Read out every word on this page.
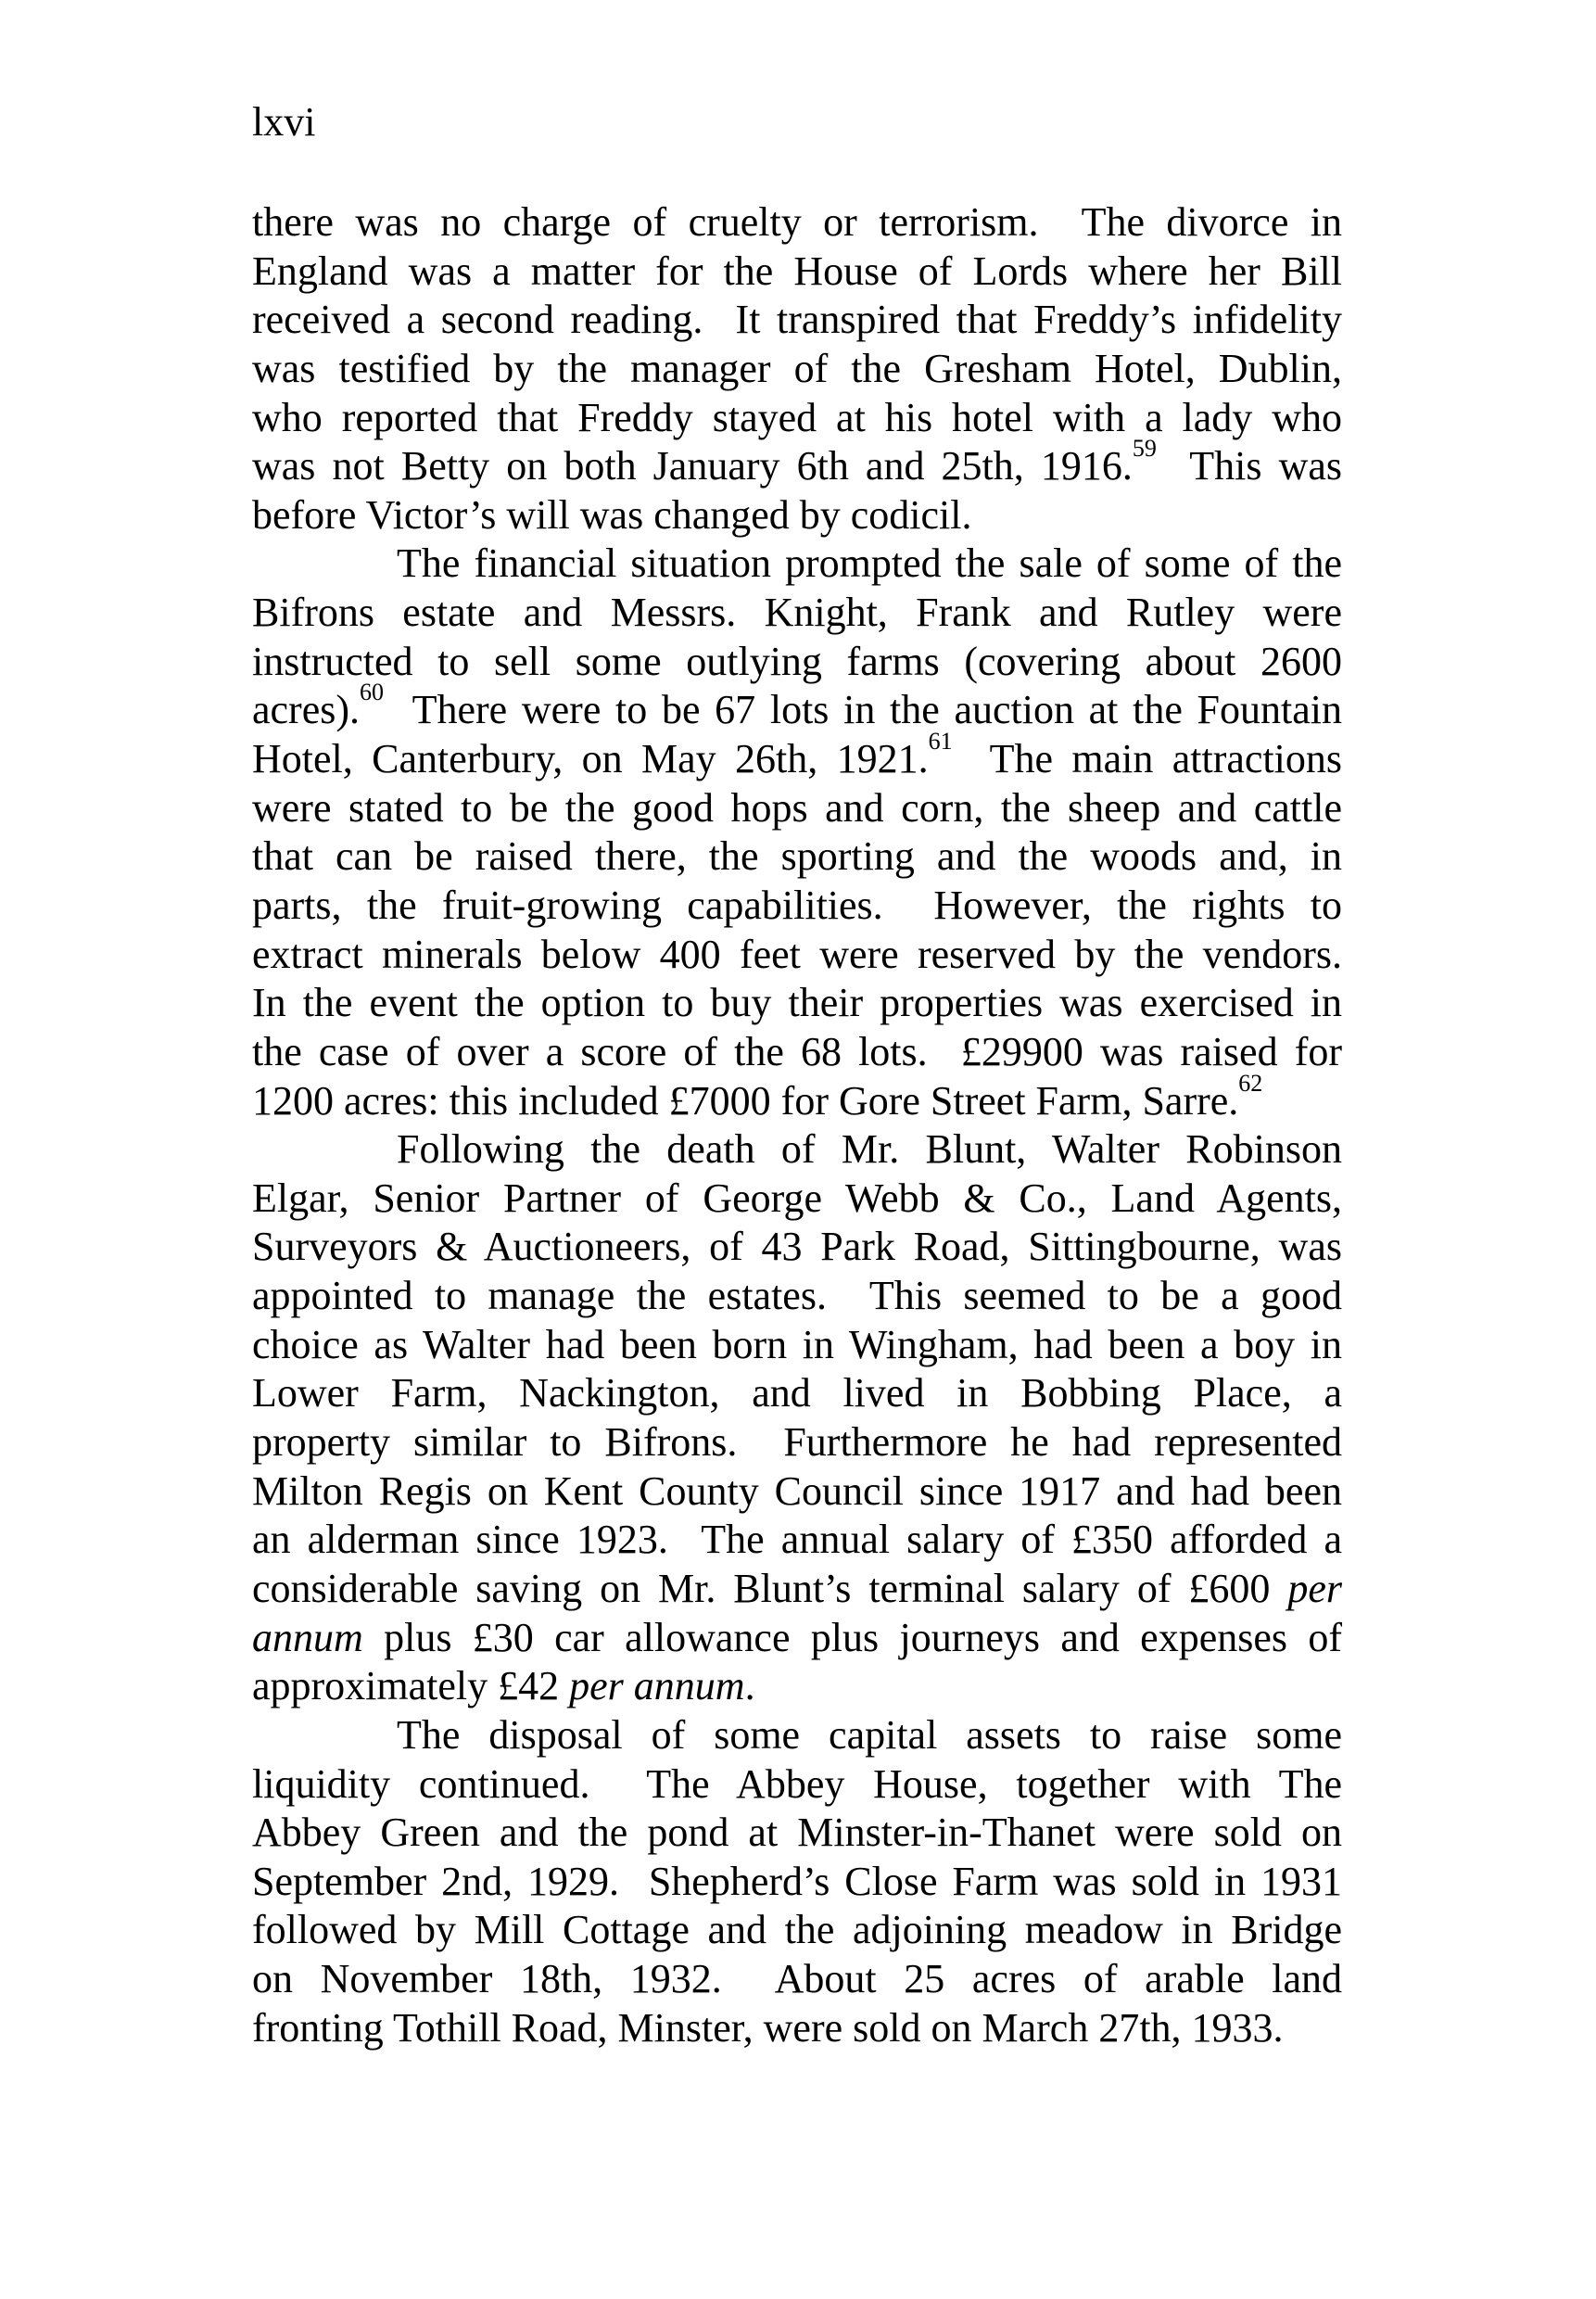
lxvi
there was no charge of cruelty or terrorism.  The divorce in
England was a matter for the House of Lords where her Bill
received a second reading.  It transpired that Freddy’s infidelity
was testified by the manager of the Gresham Hotel, Dublin,
who reported that Freddy stayed at his hotel with a lady who
was not Betty on both January 6th and 25th, 1916.59  This was
before Victor’s will was changed by codicil.
The financial situation prompted the sale of some of the
Bifrons estate and Messrs. Knight, Frank and Rutley were
instructed to sell some outlying farms (covering about 2600
acres).$^{60}$  There were to be 67 lots in the auction at the Fountain
Hotel, Canterbury, on May 26th, 1921.61  The main attractions
were stated to be the good hops and corn, the sheep and cattle
that can be raised there, the sporting and the woods and, in
parts, the fruit-growing capabilities.  However, the rights to
extract minerals below 400 feet were reserved by the vendors.
In the event the option to buy their properties was exercised in
the case of over a score of the 68 lots.  £29900 was raised for
1200 acres: this included £7000 for Gore Street Farm, Sarre.$^{62}$
Following the death of Mr. Blunt, Walter Robinson
Elgar, Senior Partner of George Webb & Co., Land Agents,
Surveyors & Auctioneers, of 43 Park Road, Sittingbourne, was
appointed to manage the estates.  This seemed to be a good
choice as Walter had been born in Wingham, had been a boy in
Lower Farm, Nackington, and lived in Bobbing Place, a
property similar to Bifrons.  Furthermore he had represented
Milton Regis on Kent County Council since 1917 and had been
an alderman since 1923.  The annual salary of £350 afforded a
considerable saving on Mr. Blunt’s terminal salary of £600 per
annum plus £30 car allowance plus journeys and expenses of
approximately £42 per annum.
The disposal of some capital assets to raise some
liquidity continued.  The Abbey House, together with The
Abbey Green and the pond at Minster-in-Thanet were sold on
September 2nd, 1929.  Shepherd’s Close Farm was sold in 1931
followed by Mill Cottage and the adjoining meadow in Bridge
on November 18th, 1932.  About 25 acres of arable land
fronting Tothill Road, Minster, were sold on March 27th, 1933.
